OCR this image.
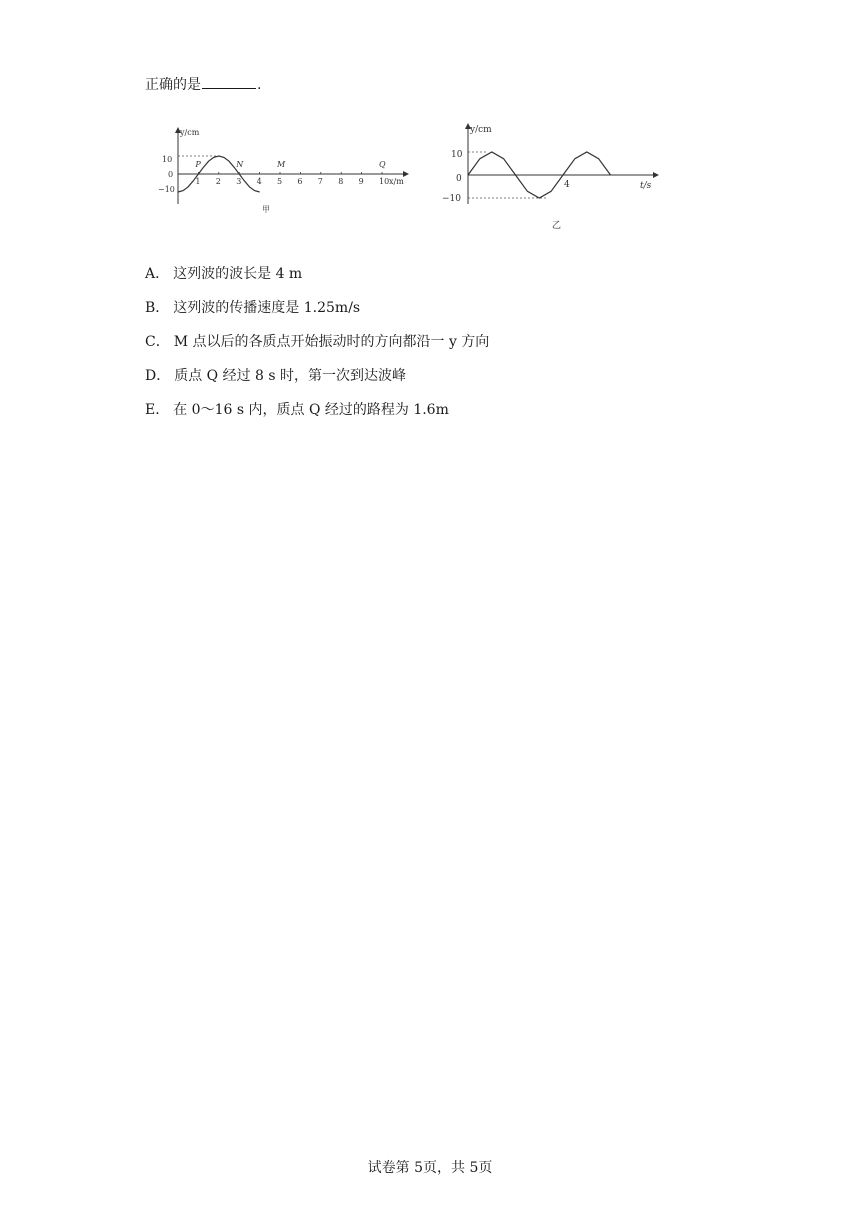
正确的是	.
y/cm
x/m
10
0
−10
甲
1 2 3 4 5 6 7 8 9 10
P	N	M	Q
y/cm
t/s
10
0
−10
乙
4
A． 这列波的波长是 4 m
B． 这列波的传播速度是 1.25m/s
C． M 点以后的各质点开始振动时的方向都沿一 y 方向
D． 质点 Q 经过 8 s 时，第一次到达波峰
E． 在 0～16 s 内，质点 Q 经过的路程为 1.6m
试卷第 5页，共 5页
